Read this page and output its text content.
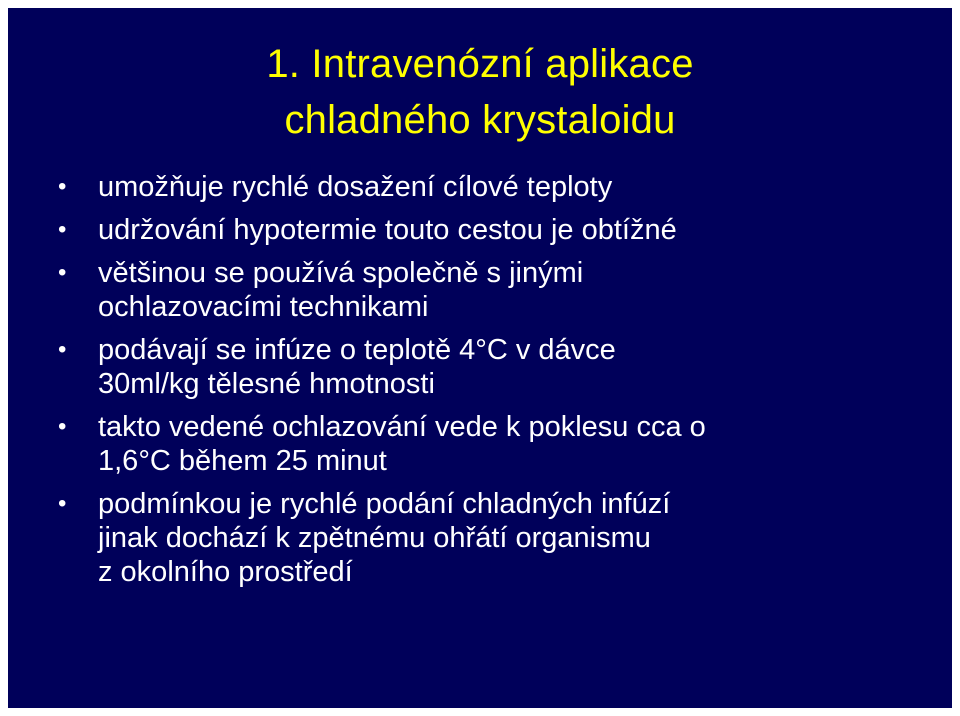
1. Intravenózní aplikace
chladného krystaloidu
• umožňuje rychlé dosažení cílové teploty
• udržování hypotermie touto cestou je obtížné
• většinou se používá společně s jinými
ochlazovacími technikami
• podávají se infúze o teplotě 4°C v dávce
30ml/kg tělesné hmotnosti
• takto vedené ochlazování vede k poklesu cca o
1,6°C během 25 minut
• podmínkou je rychlé podání chladných infúzí
jinak dochází k zpětnému ohřátí organismu
z okolního prostředí
